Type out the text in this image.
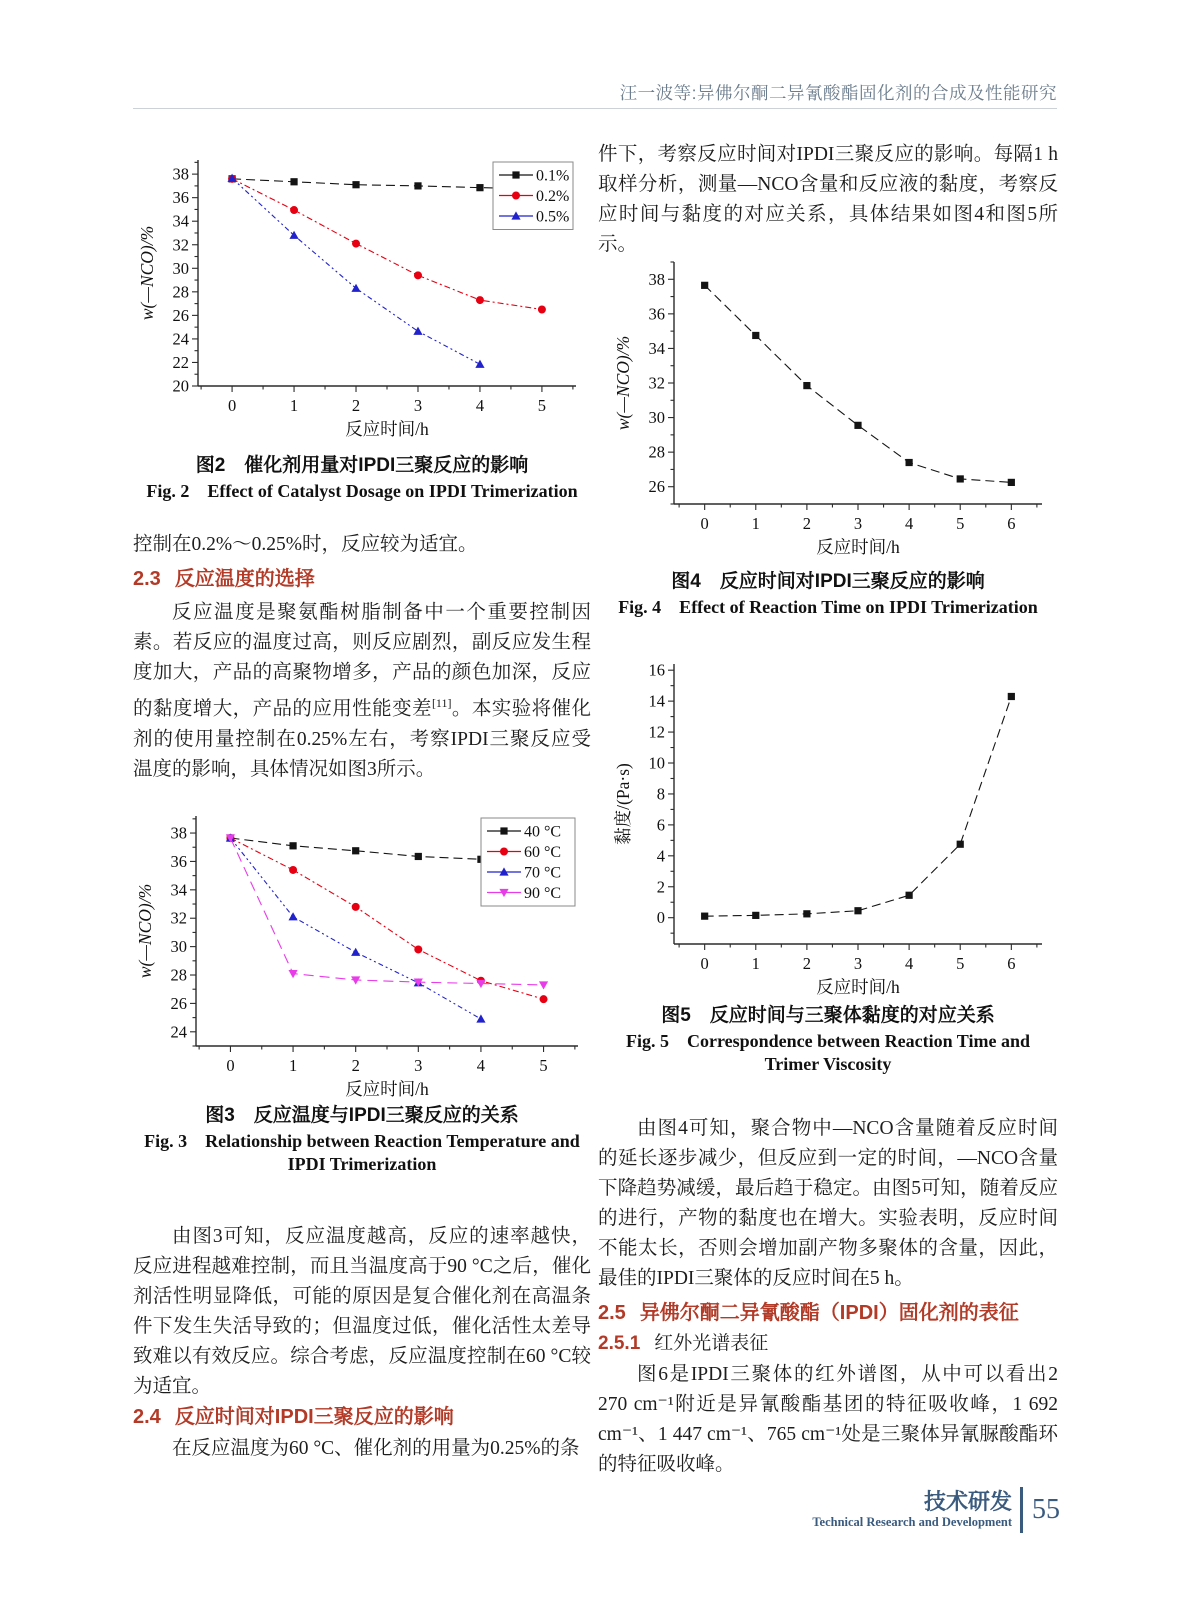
汪一波等:异佛尔酮二异氰酸酯固化剂的合成及性能研究
0	1	2	3	4	5
20
22
24
26
28
30
32
34
36
38
反应时间/h
w(—NCO)/%
0.1%
0.2%
0.5%
图2　催化剂用量对IPDI三聚反应的影响
Fig. 2　Effect of Catalyst Dosage on IPDI Trimerization

控制在0.2%～0.25%时，反应较为适宜。

2.3 反应温度的选择

反应温度是聚氨酯树脂制备中一个重要控制因素。若反应的温度过高，则反应剧烈，副反应发生程度加大，产品的高聚物增多，产品的颜色加深，反应的黏度增大，产品的应用性能变差[11]。本实验将催化剂的使用量控制在0.25%左右，考察IPDI三聚反应受温度的影响，具体情况如图3所示。

0	1	2	3	4	5
24
26
28
30
32
34
36
38
反应时间/h
w(—NCO)/%
40 °C
60 °C
70 °C
90 °C
图3　反应温度与IPDI三聚反应的关系
Fig. 3　Relationship between Reaction Temperature and
IPDI Trimerization

由图3可知，反应温度越高，反应的速率越快，反应进程越难控制，而且当温度高于90 °C之后，催化剂活性明显降低，可能的原因是复合催化剂在高温条件下发生失活导致的；但温度过低，催化活性太差导致难以有效反应。综合考虑，反应温度控制在60 °C较为适宜。

2.4 反应时间对IPDI三聚反应的影响

在反应温度为60 °C、催化剂的用量为0.25%的条

件下，考察反应时间对IPDI三聚反应的影响。每隔1 h取样分析，测量—NCO含量和反应液的黏度，考察反应时间与黏度的对应关系，具体结果如图4和图5所示。

0	1	2	3	4	5	6
26
28
30
32
34
36
38
反应时间/h
w(—NCO)/%
图4　反应时间对IPDI三聚反应的影响
Fig. 4　Effect of Reaction Time on IPDI Trimerization
0	1	2	3	4	5	6
0
2
4
6
8
10
12
14
16
反应时间/h
黏度/(Pa·s)
图5　反应时间与三聚体黏度的对应关系
Fig. 5　Correspondence between Reaction Time and
Trimer Viscosity

由图4可知，聚合物中—NCO含量随着反应时间的延长逐步减少，但反应到一定的时间，—NCO含量下降趋势减缓，最后趋于稳定。由图5可知，随着反应的进行，产物的黏度也在增大。实验表明，反应时间不能太长，否则会增加副产物多聚体的含量，因此，最佳的IPDI三聚体的反应时间在5 h。

2.5 异佛尔酮二异氰酸酯（IPDI）固化剂的表征
2.5.1 红外光谱表征

图6是IPDI三聚体的红外谱图，从中可以看出2 270 cm⁻¹附近是异氰酸酯基团的特征吸收峰，1 692 cm⁻¹、1 447 cm⁻¹、765 cm⁻¹处是三聚体异氰脲酸酯环的特征吸收峰。

技术研发
Technical Research and Development 55
